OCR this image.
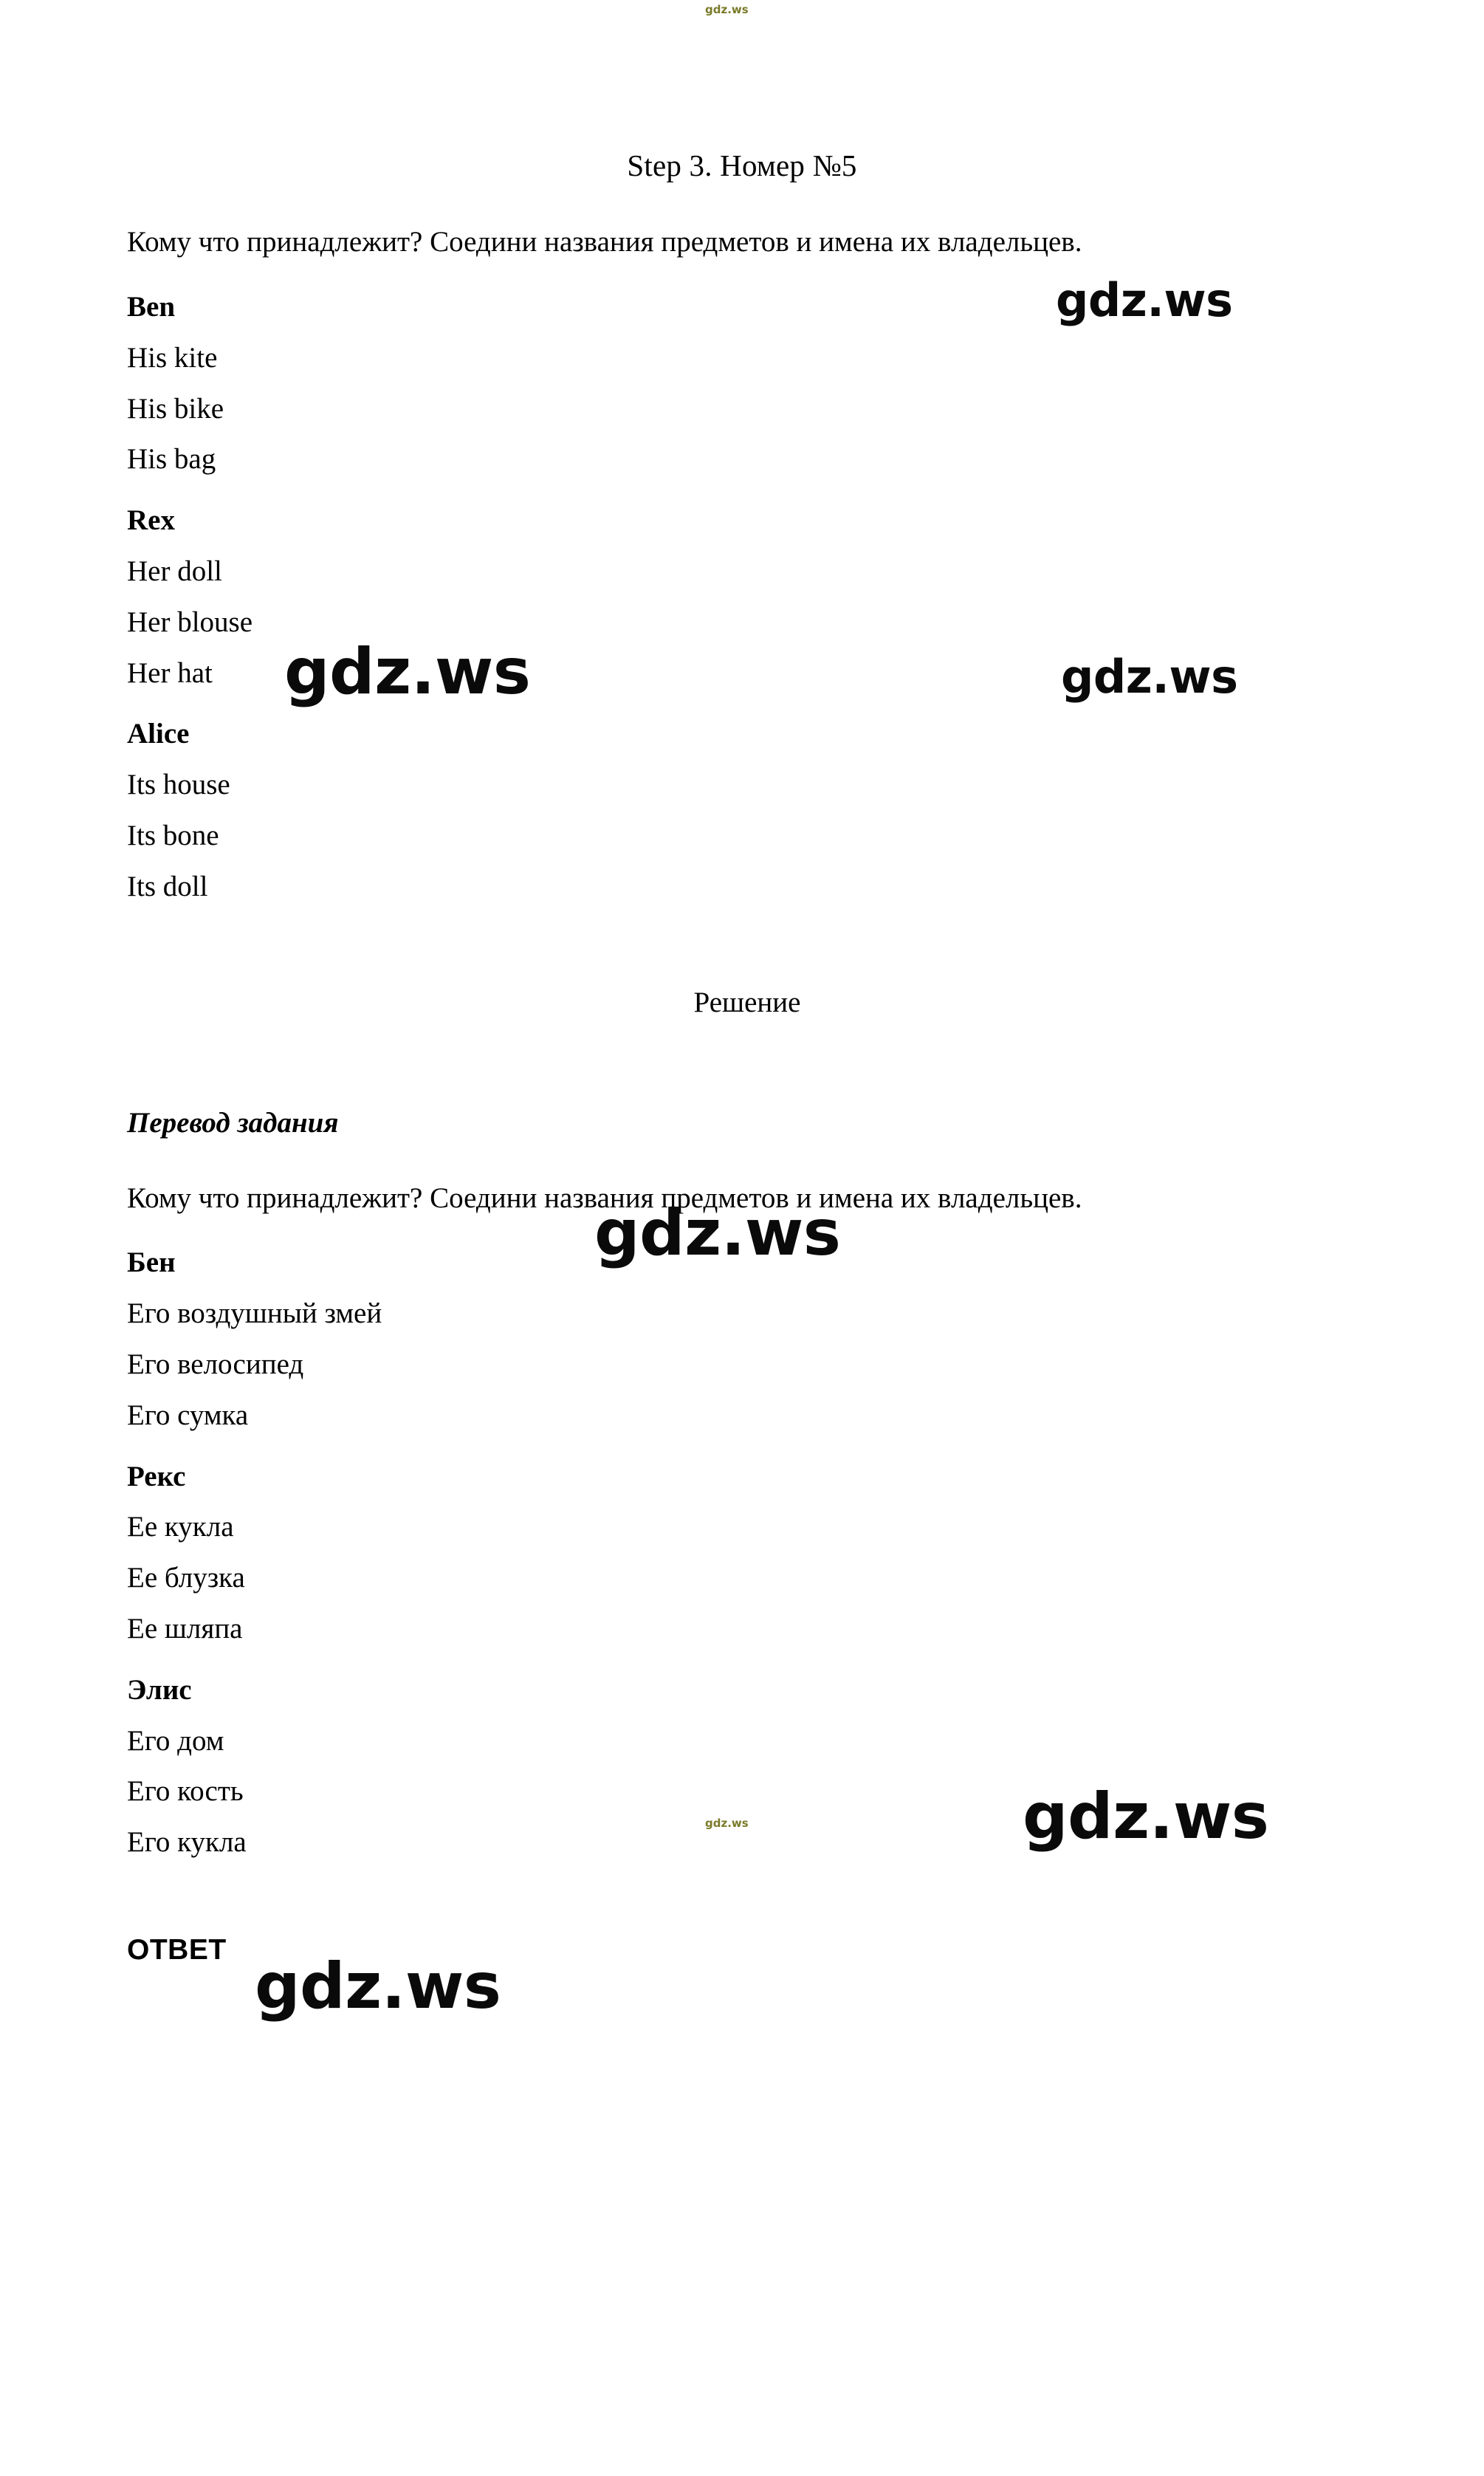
Step 3. Номер №5
Кому что принадлежит? Соедини названия предметов и имена их владельцев.
Ben
His kite
His bike
His bag
Rex
Her doll
Her blouse
Her hat
Alice
Its house
Its bone
Its doll
Решение
Перевод задания
Кому что принадлежит? Соедини названия предметов и имена их владельцев.
Бен
Его воздушный змей
Его велосипед
Его сумка
Рекс
Ее кукла
Ее блузка
Ее шляпа
Элис
Его дом
Его кость
Его кукла
ОТВЕТ
gdz.ws
gdz.ws
gdz.ws	gdz.ws
gdz.ws
gdz.ws	gdz.ws
gdz.ws
